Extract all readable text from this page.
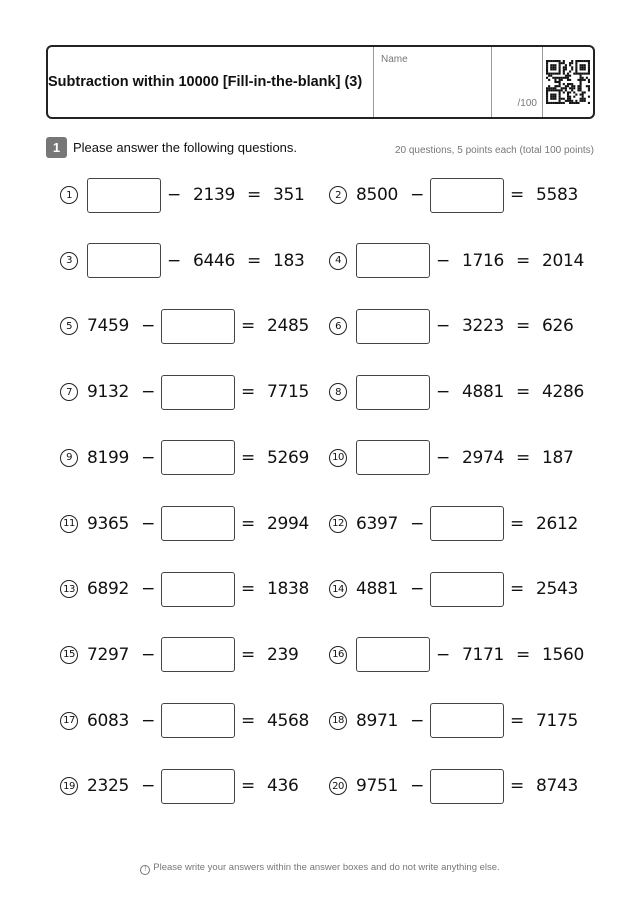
Subtraction within 10000 [Fill-in-the-blank] (3)
Name
/100
1 Please answer the following questions.	20 questions, 5 points each (total 100 points)
1	− 2139 = 351	2 8500 −	= 5583
3	− 6446 = 183	4	− 1716 = 2014
5 7459 −	= 2485	6	− 3223 = 626
7 9132 −	= 7715	8	− 4881 = 4286
9 8199 −	= 5269	10	− 2974 = 187
11 9365 −	= 2994	12 6397 −	= 2612
13 6892 −	= 1838	14 4881 −	= 2543
15 7297 −	= 239	16	− 7171 = 1560
17 6083 −	= 4568	18 8971 −	= 7175
19 2325 −	= 436	20 9751 −	= 8743
! Please write your answers within the answer boxes and do not write anything else.
